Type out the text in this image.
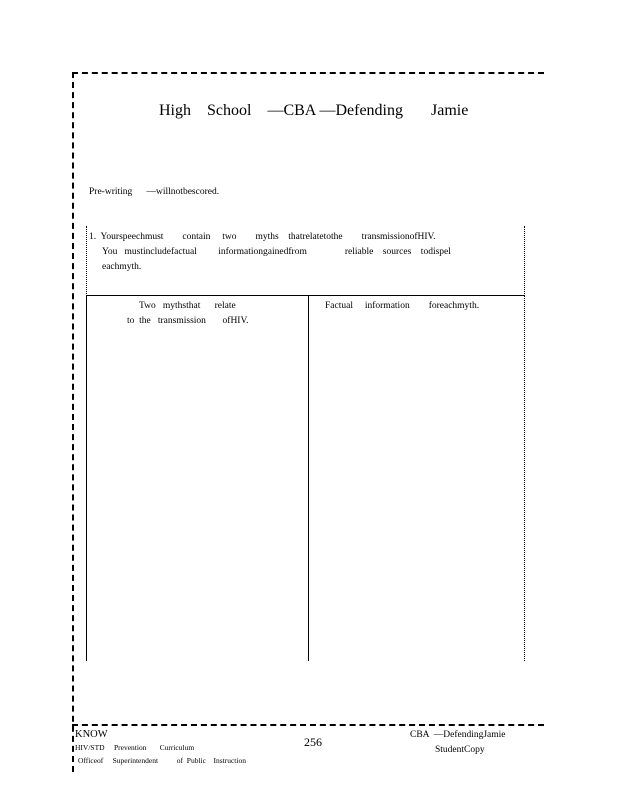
High    School    —CBA —Defending       Jamie
Pre-writing      —willnotbescored.
1.  Yourspeechmust        contain     two        myths    thatrelatetothe        transmissionofHIV.
You   mustincludefactual         informationgainedfrom                reliable    sources    todispel
eachmyth.
Two   mythsthat      relate
to  the   transmission       ofHIV.
Factual     information        foreachmyth.
KNOW
HIV/STD     Prevention       Curriculum
Officeof     Superintendent          of  Public    Instruction
256	CBA  —DefendingJamie
StudentCopy
